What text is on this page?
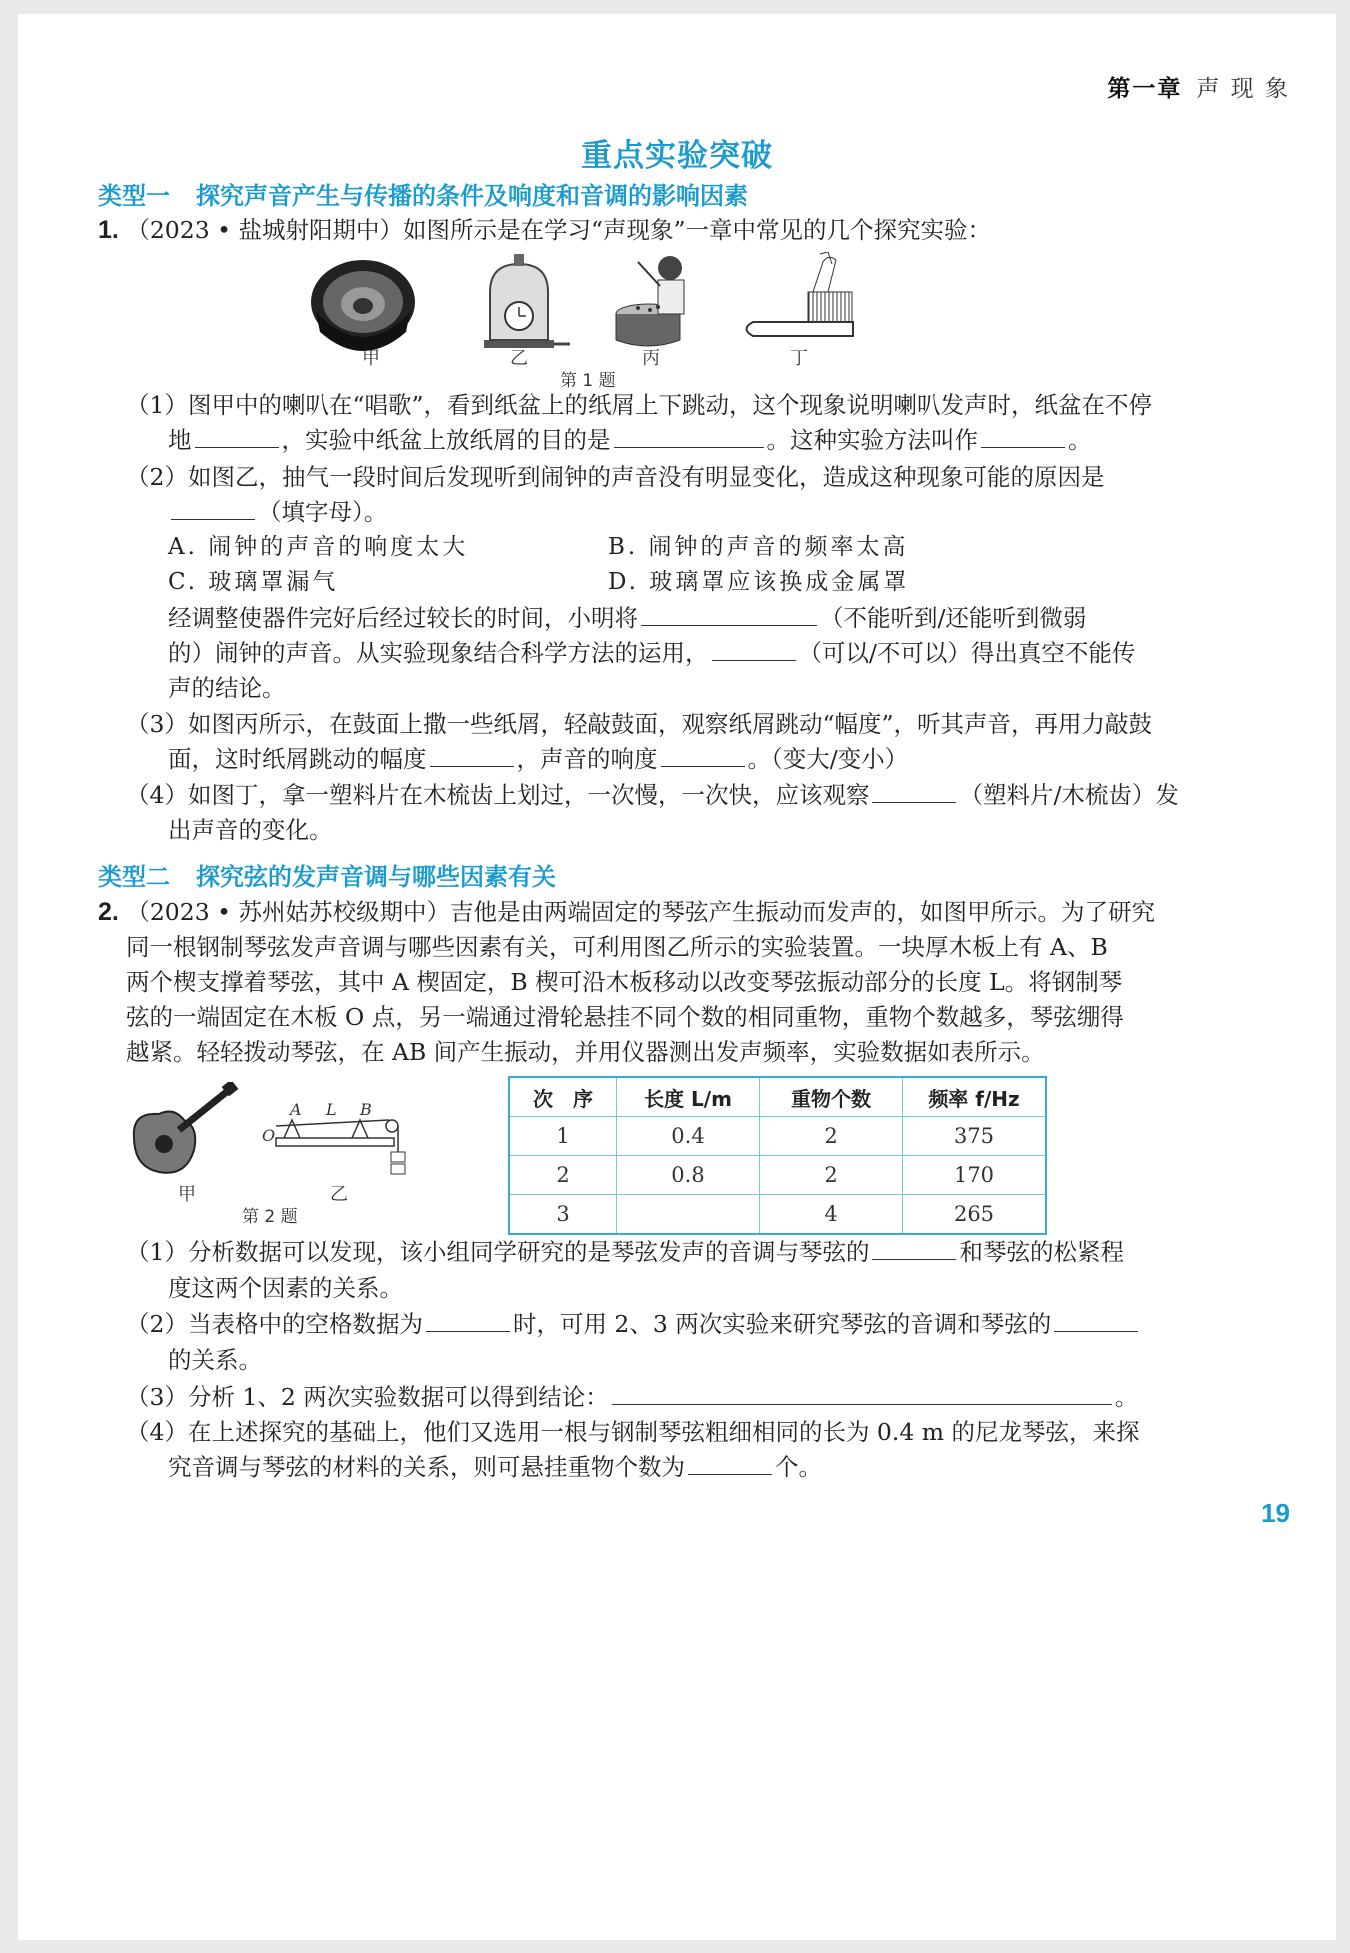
第一章 声 现 象
重点实验突破
类型一 探究声音产生与传播的条件及响度和音调的影响因素
1. （2023 • 盐城射阳期中）如图所示是在学习“声现象”一章中常见的几个探究实验：
甲	乙	丙	丁
第 1 题
（1）图甲中的喇叭在“唱歌”，看到纸盆上的纸屑上下跳动，这个现象说明喇叭发声时，纸盆在不停
地	，实验中纸盆上放纸屑的目的是	。这种实验方法叫作	。
（2）如图乙，抽气一段时间后发现听到闹钟的声音没有明显变化，造成这种现象可能的原因是
（填字母）。
A. 闹钟的声音的响度太大	B. 闹钟的声音的频率太高
C. 玻璃罩漏气	D. 玻璃罩应该换成金属罩
经调整使器件完好后经过较长的时间，小明将	（不能听到/还能听到微弱
的）闹钟的声音。从实验现象结合科学方法的运用，	（可以/不可以）得出真空不能传
声的结论。
（3）如图丙所示，在鼓面上撒一些纸屑，轻敲鼓面，观察纸屑跳动“幅度”，听其声音，再用力敲鼓
面，这时纸屑跳动的幅度	，声音的响度	。（变大/变小）
（4）如图丁，拿一塑料片在木梳齿上划过，一次慢，一次快，应该观察	（塑料片/木梳齿）发
出声音的变化。
类型二 探究弦的发声音调与哪些因素有关
2. （2023 • 苏州姑苏校级期中）吉他是由两端固定的琴弦产生振动而发声的，如图甲所示。为了研究
同一根钢制琴弦发声音调与哪些因素有关，可利用图乙所示的实验装置。一块厚木板上有 A、B
两个楔支撑着琴弦，其中 A 楔固定，B 楔可沿木板移动以改变琴弦振动部分的长度 L。将钢制琴
弦的一端固定在木板 O 点，另一端通过滑轮悬挂不同个数的相同重物，重物个数越多，琴弦绷得
越紧。轻轻拨动琴弦，在 AB 间产生振动，并用仪器测出发声频率，实验数据如表所示。
A L B
O
甲	乙
第 2 题
次　序	长度 L/m	重物个数	频率 f/Hz
1	0.4	2	375
2	0.8	2	170
3		4	265
（1）分析数据可以发现，该小组同学研究的是琴弦发声的音调与琴弦的	和琴弦的松紧程
度这两个因素的关系。
（2）当表格中的空格数据为	时，可用 2、3 两次实验来研究琴弦的音调和琴弦的
的关系。
（3）分析 1、2 两次实验数据可以得到结论：	。
（4）在上述探究的基础上，他们又选用一根与钢制琴弦粗细相同的长为 0.4 m 的尼龙琴弦，来探
究音调与琴弦的材料的关系，则可悬挂重物个数为	个。
19
